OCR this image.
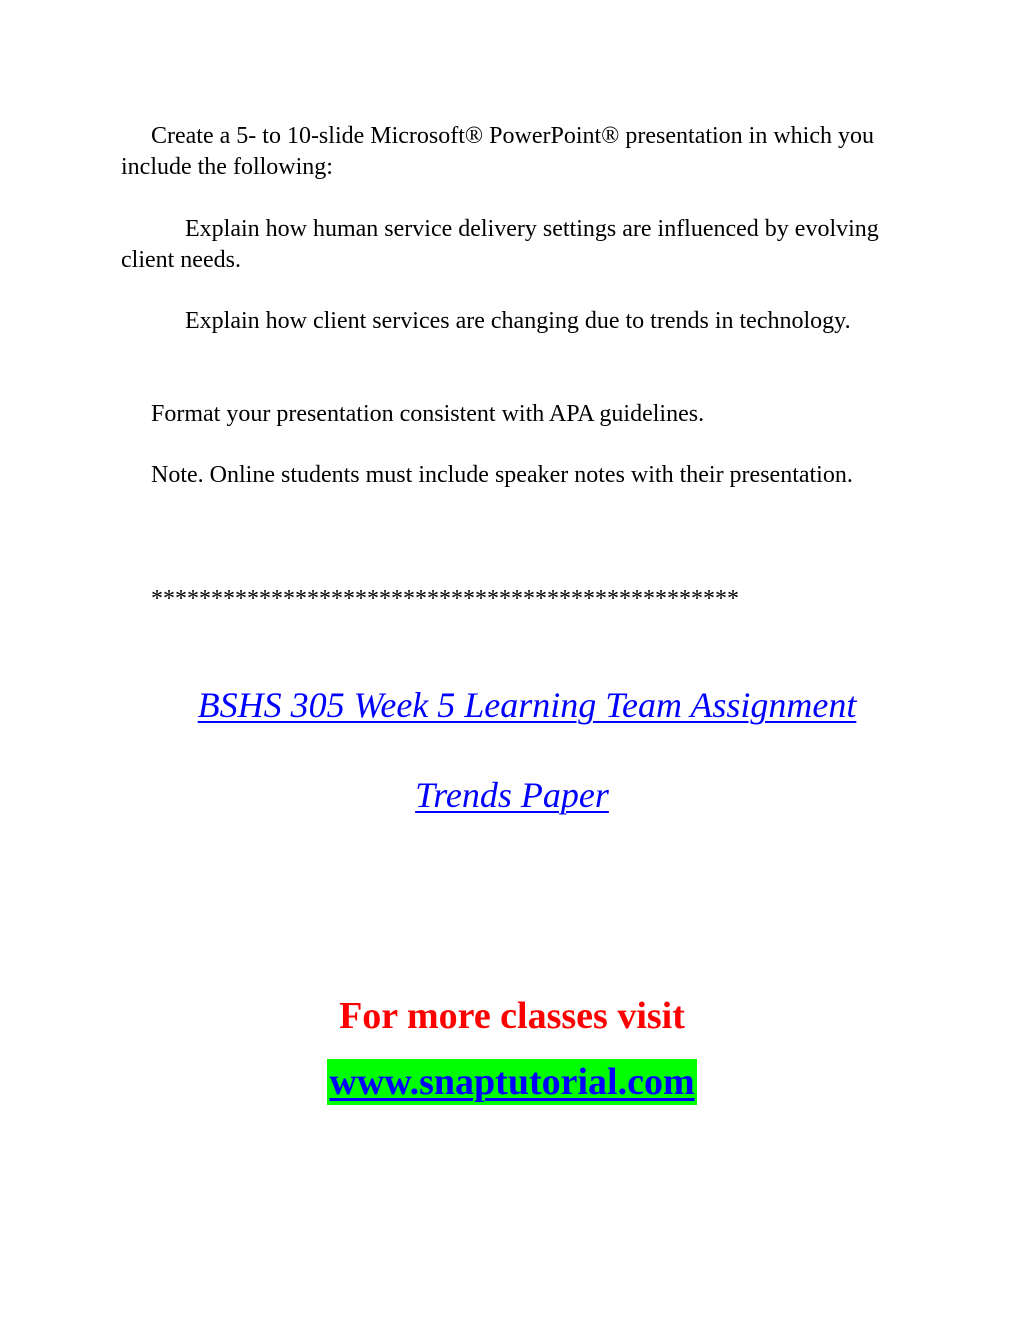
Create a 5- to 10-slide Microsoft® PowerPoint® presentation in which you include the following:

Explain how human service delivery settings are influenced by evolving client needs.

Explain how client services are changing due to trends in technology.

Format your presentation consistent with APA guidelines.

Note. Online students must include speaker notes with their presentation.

*************************************************

BSHS 305 Week 5 Learning Team Assignment
Trends Paper

For more classes visit

www.snaptutorial.com
